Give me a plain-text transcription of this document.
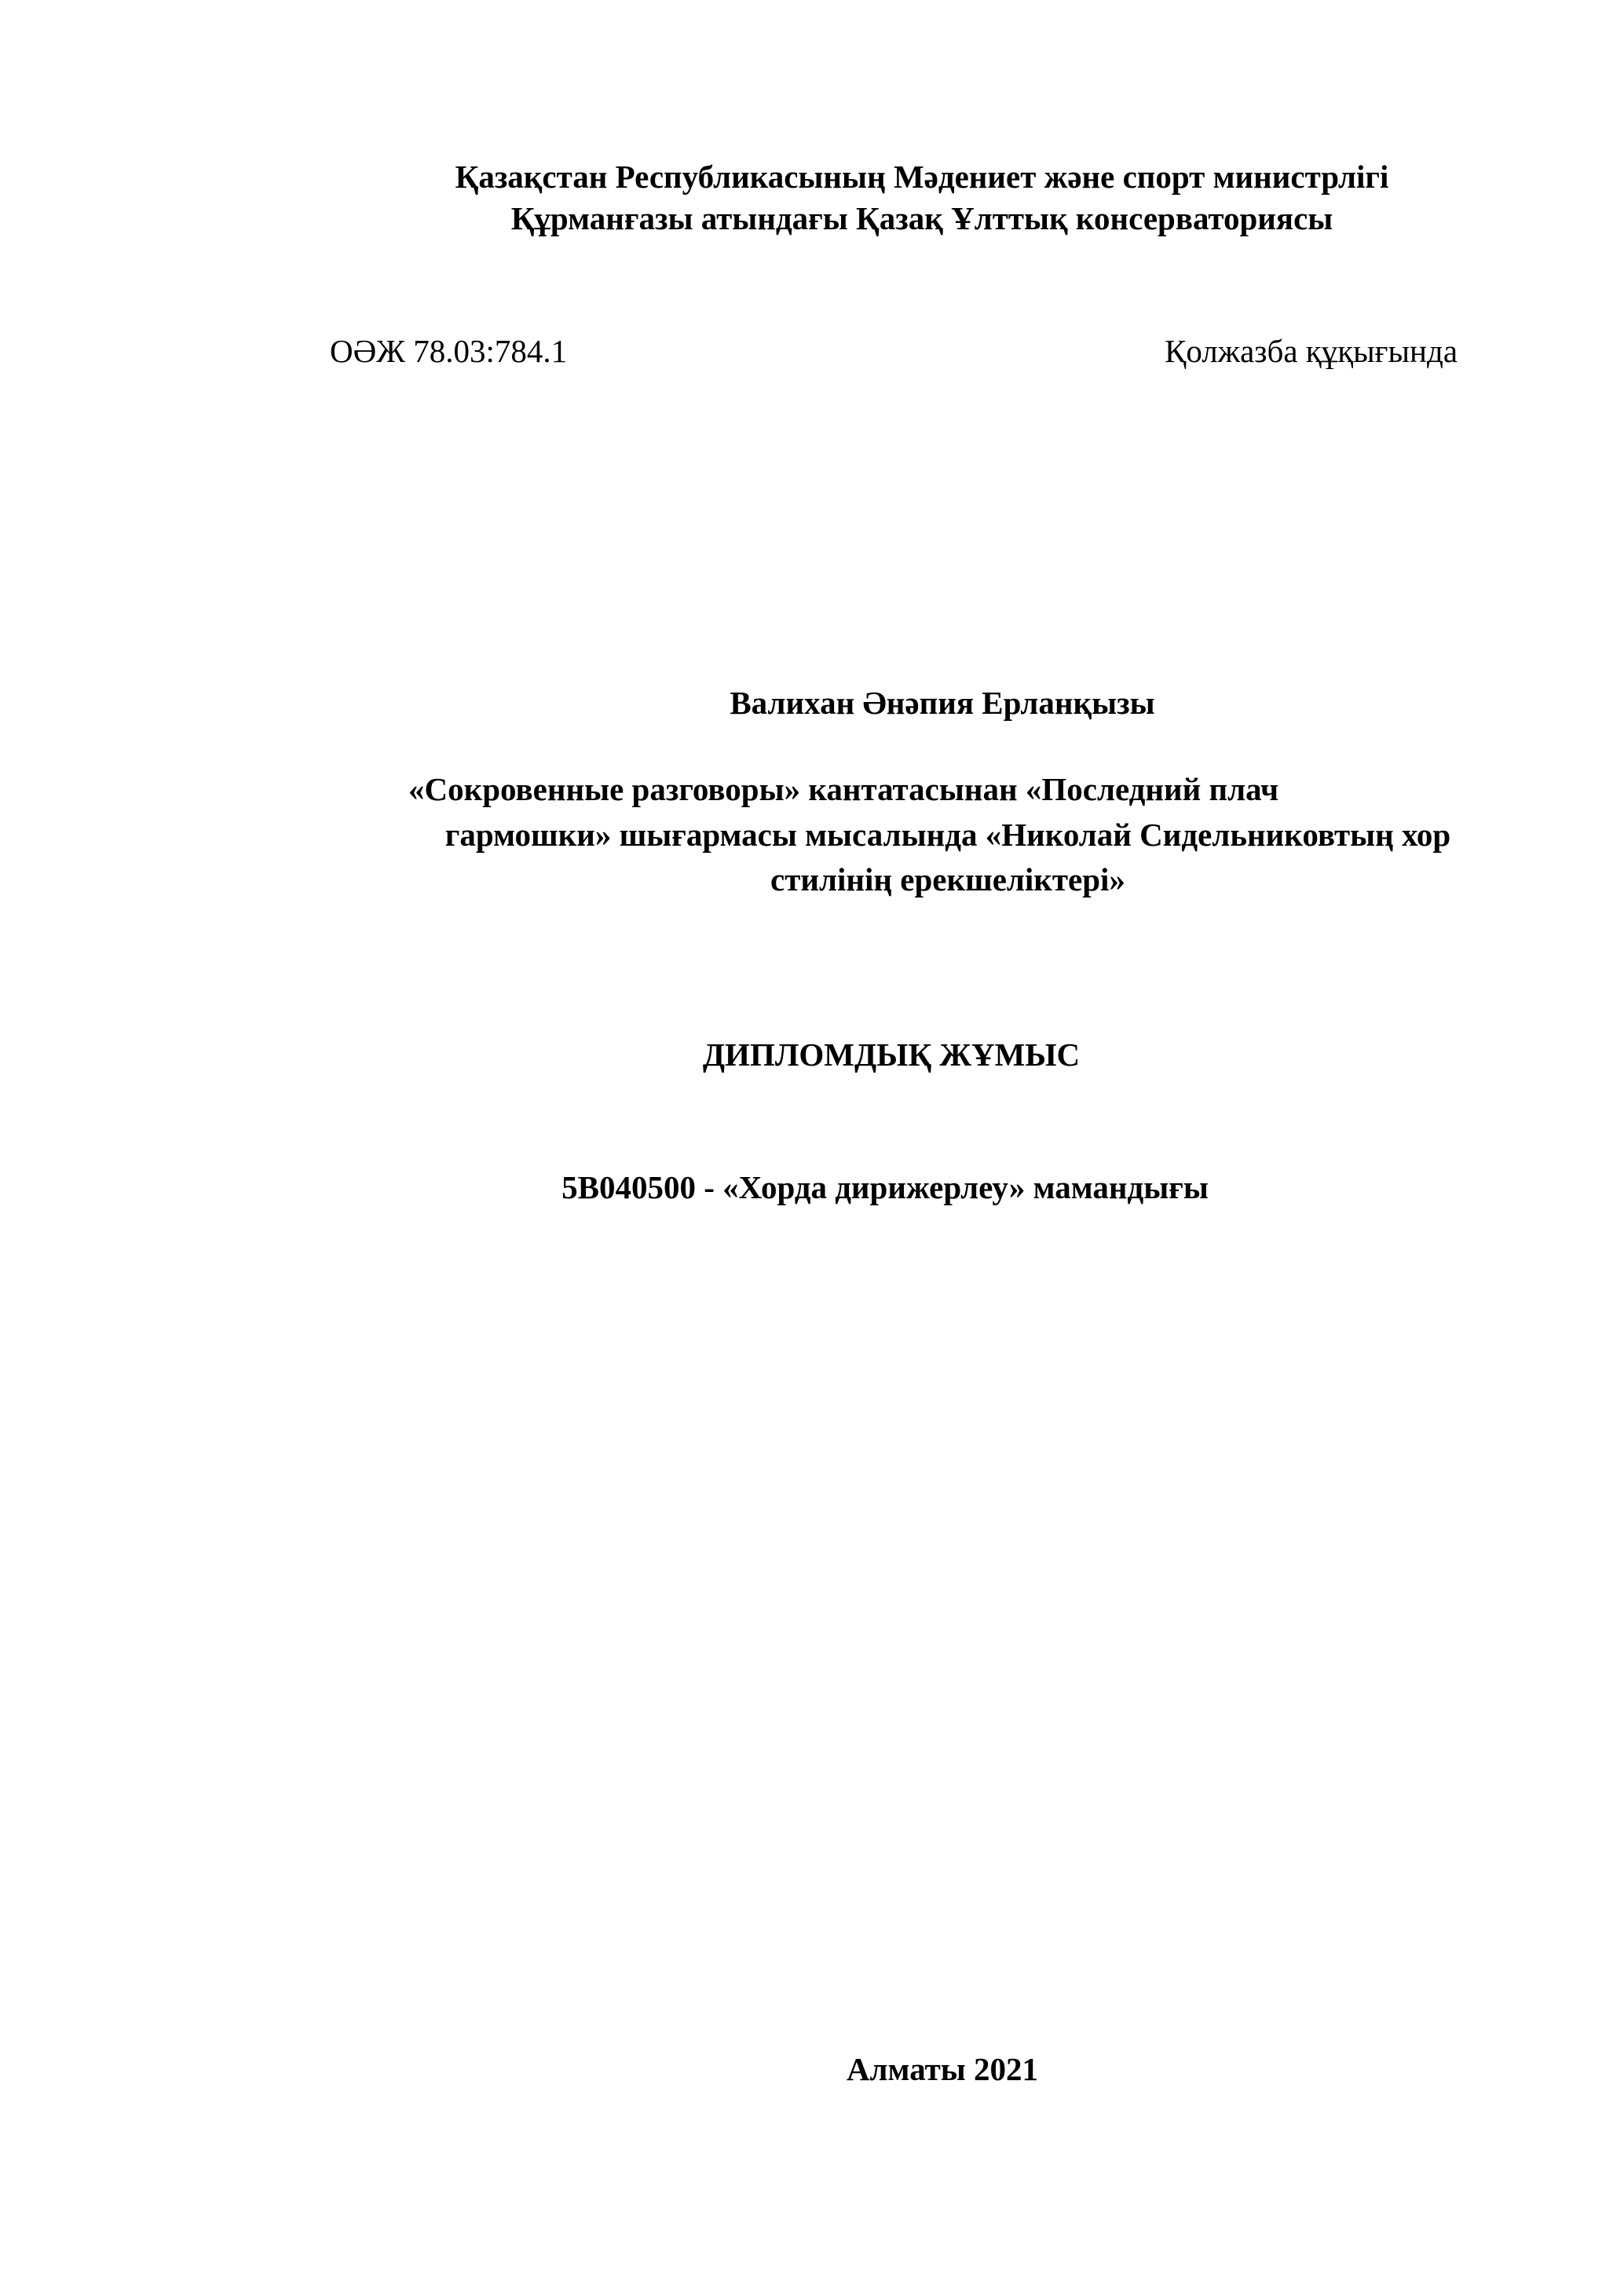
Қазақстан Республикасының Мәдениет және спорт министрлігі
Құрманғазы атындағы Қазақ Ұлттық консерваториясы
ОӘЖ 78.03:784.1	Қолжазба құқығында
Валихан Әнәпия Ерланқызы
«Сокровенные разговоры» кантатасынан «Последний плач
гармошки» шығармасы мысалында «Николай Сидельниковтың хор
стилінің ерекшеліктері»
ДИПЛОМДЫҚ ЖҰМЫС
5В040500 - «Хорда дирижерлеу» мамандығы
Алматы 2021
